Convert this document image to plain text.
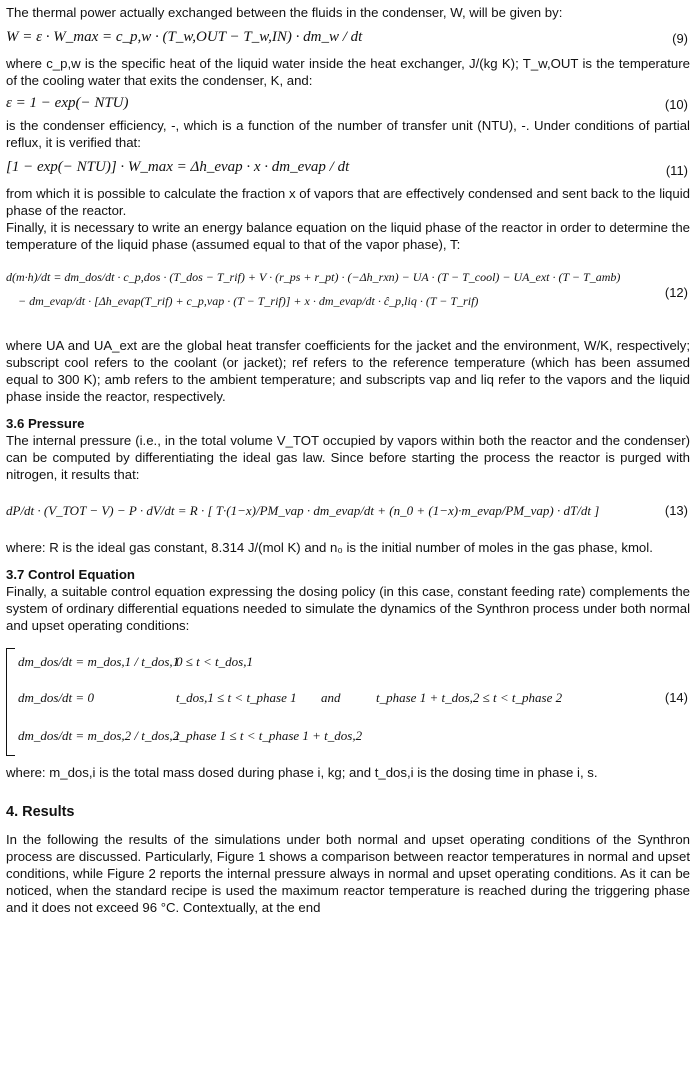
The thermal power actually exchanged between the fluids in the condenser, W, will be given by:

W = ε · W_max = c_p,w · (T_w,OUT − T_w,IN) · dm_w / dt	(9)

where c_p,w is the specific heat of the liquid water inside the heat exchanger, J/(kg K); T_w,OUT is the temperature of the cooling water that exits the condenser, K, and:

ε = 1 − exp(− NTU)	(10)

is the condenser efficiency, -, which is a function of the number of transfer unit (NTU), -. Under conditions of partial reflux, it is verified that:

[1 − exp(− NTU)] · W_max = Δh_evap · x · dm_evap / dt	(11)

from which it is possible to calculate the fraction x of vapors that are effectively condensed and sent back to the liquid phase of the reactor.

Finally, it is necessary to write an energy balance equation on the liquid phase of the reactor in order to determine the temperature of the liquid phase (assumed equal to that of the vapor phase), T:

d(m·h)/dt = dm_dos/dt · c_p,dos · (T_dos − T_rif) + V · (r_ps + r_pt) · (−Δh_rxn) − UA · (T − T_cool) − UA_ext · (T − T_amb)
− dm_evap/dt · [Δh_evap(T_rif) + c_p,vap · (T − T_rif)] + x · dm_evap/dt · ĉ_p,liq · (T − T_rif)
(12)

where UA and UA_ext are the global heat transfer coefficients for the jacket and the environment, W/K, respectively; subscript cool refers to the coolant (or jacket); ref refers to the reference temperature (which has been assumed equal to 300 K); amb refers to the ambient temperature; and subscripts vap and liq refer to the vapors and the liquid phase inside the reactor, respectively.

3.6 Pressure

The internal pressure (i.e., in the total volume V_TOT occupied by vapors within both the reactor and the condenser) can be computed by differentiating the ideal gas law. Since before starting the process the reactor is purged with nitrogen, it results that:

dP/dt · (V_TOT − V) − P · dV/dt = R · [ T·(1−x)/PM_vap · dm_evap/dt + (n_0 + (1−x)·m_evap/PM_vap) · dT/dt ]	(13)

where: R is the ideal gas constant, 8.314 J/(mol K) and n₀ is the initial number of moles in the gas phase, kmol.

3.7 Control Equation

Finally, a suitable control equation expressing the dosing policy (in this case, constant feeding rate) complements the system of ordinary differential equations needed to simulate the dynamics of the Synthron process under both normal and upset operating conditions:

dm_dos/dt = m_dos,1 / t_dos,1
0 ≤ t < t_dos,1
dm_dos/dt = 0	t_dos,1 ≤ t < t_phase 1 and	t_phase 1 + t_dos,2 ≤ t < t_phase 2
dm_dos/dt = m_dos,2 / t_dos,2
t_phase 1 ≤ t < t_phase 1 + t_dos,2
(14)

where: m_dos,i is the total mass dosed during phase i, kg; and t_dos,i is the dosing time in phase i, s.

4. Results

In the following the results of the simulations under both normal and upset operating conditions of the Synthron process are discussed. Particularly, Figure 1 shows a comparison between reactor temperatures in normal and upset conditions, while Figure 2 reports the internal pressure always in normal and upset operating conditions. As it can be noticed, when the standard recipe is used the maximum reactor temperature is reached during the triggering phase and it does not exceed 96 °C. Contextually, at the end
